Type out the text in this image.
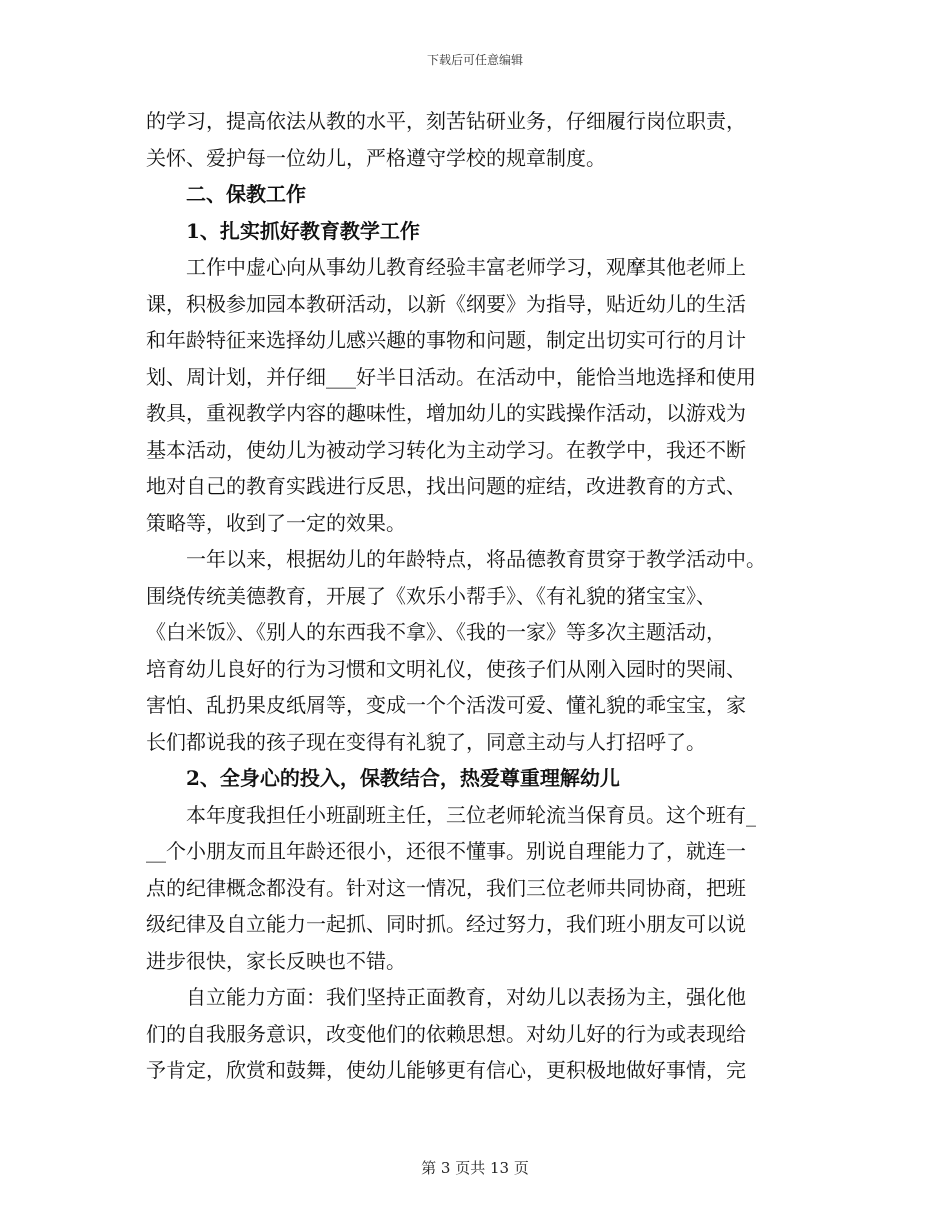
下载后可任意编辑
的学习，提高依法从教的水平，刻苦钻研业务，仔细履行岗位职责，
关怀、爱护每一位幼儿，严格遵守学校的规章制度。
二、保教工作
1、扎实抓好教育教学工作
工作中虚心向从事幼儿教育经验丰富老师学习，观摩其他老师上
课，积极参加园本教研活动，以新《纲要》为指导，贴近幼儿的生活
和年龄特征来选择幼儿感兴趣的事物和问题，制定出切实可行的月计
划、周计划，并仔细___好半日活动。在活动中，能恰当地选择和使用
教具，重视教学内容的趣味性，增加幼儿的实践操作活动，以游戏为
基本活动，使幼儿为被动学习转化为主动学习。在教学中，我还不断
地对自己的教育实践进行反思，找出问题的症结，改进教育的方式、
策略等，收到了一定的效果。
一年以来，根据幼儿的年龄特点，将品德教育贯穿于教学活动中。
围绕传统美德教育，开展了《欢乐小帮手》、《有礼貌的猪宝宝》、
《白米饭》、《别人的东西我不拿》、《我的一家》等多次主题活动，
培育幼儿良好的行为习惯和文明礼仪，使孩子们从刚入园时的哭闹、
害怕、乱扔果皮纸屑等，变成一个个活泼可爱、懂礼貌的乖宝宝，家
长们都说我的孩子现在变得有礼貌了，同意主动与人打招呼了。
2、全身心的投入，保教结合，热爱尊重理解幼儿
本年度我担任小班副班主任，三位老师轮流当保育员。这个班有_
__个小朋友而且年龄还很小，还很不懂事。别说自理能力了，就连一
点的纪律概念都没有。针对这一情况，我们三位老师共同协商，把班
级纪律及自立能力一起抓、同时抓。经过努力，我们班小朋友可以说
进步很快，家长反映也不错。
自立能力方面：我们坚持正面教育，对幼儿以表扬为主，强化他
们的自我服务意识，改变他们的依赖思想。对幼儿好的行为或表现给
予肯定，欣赏和鼓舞，使幼儿能够更有信心，更积极地做好事情，完
第 3 页共 13 页
